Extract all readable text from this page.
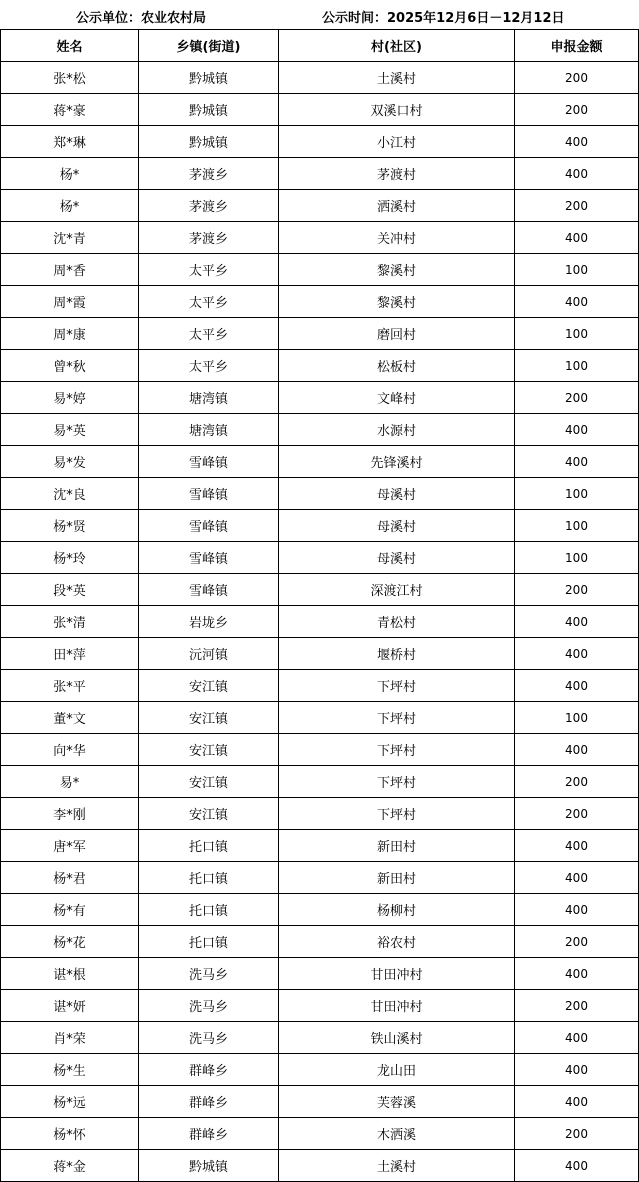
公示单位：农业农村局	公示时间：2025年12月6日－12月12日
姓名	乡镇(街道)	村(社区)	申报金额
张*松	黔城镇	土溪村	200
蒋*豪	黔城镇	双溪口村	200
郑*琳	黔城镇	小江村	400
杨*	茅渡乡	茅渡村	400
杨*	茅渡乡	洒溪村	200
沈*青	茅渡乡	关冲村	400
周*香	太平乡	黎溪村	100
周*霞	太平乡	黎溪村	400
周*康	太平乡	磨回村	100
曾*秋	太平乡	松板村	100
易*婷	塘湾镇	文峰村	200
易*英	塘湾镇	水源村	400
易*发	雪峰镇	先锋溪村	400
沈*良	雪峰镇	母溪村	100
杨*贤	雪峰镇	母溪村	100
杨*玲	雪峰镇	母溪村	100
段*英	雪峰镇	深渡江村	200
张*清	岩垅乡	青松村	400
田*萍	沅河镇	堰桥村	400
张*平	安江镇	下坪村	400
董*文	安江镇	下坪村	100
向*华	安江镇	下坪村	400
易*	安江镇	下坪村	200
李*刚	安江镇	下坪村	200
唐*军	托口镇	新田村	400
杨*君	托口镇	新田村	400
杨*有	托口镇	杨柳村	400
杨*花	托口镇	裕农村	200
谌*根	洗马乡	甘田冲村	400
谌*妍	洗马乡	甘田冲村	200
肖*荣	洗马乡	铁山溪村	400
杨*生	群峰乡	龙山田	400
杨*远	群峰乡	芙蓉溪	400
杨*怀	群峰乡	木洒溪	200
蒋*金	黔城镇	土溪村	400
